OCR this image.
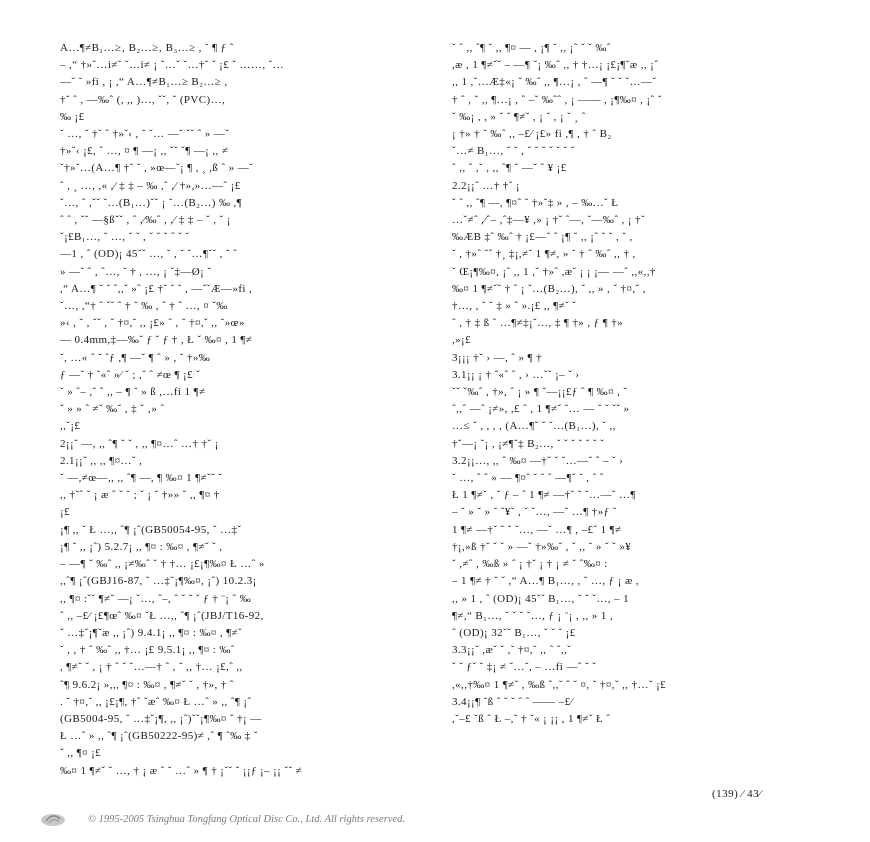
A…¶≠B₁…≥‚ B₂…≥‚ B₃…≥ , ˘ ¶ ƒ ˆ

– ,“ †»ˇ…i≠ˇ ˇ…i≠ ¡ ˇ…ˇ ˇ…†ˇ ˇ ¡£ ˇ ……, ˇ…

—ˇ ˇ »fi , ¡ ,“ A…¶≠B₁…≥ B₂…≥ ,

†ˇ ˆ , —‰ˆ (, ,, )…, ˇˇ, ˇ (PVC)…,

‰ ¡£

ˇ …, ˇ †ˇ ˆ †»ˇ‹ , ˇ ˇ… —ˇ ˇˇ ˆ » —ˇ

†»ˇ‹ ¡£, ˆ …, ¤ ¶ —¡ ,, ˇˇ ˇ¶ —¡ ,, ≠

ˇ†»ˇ…(A…¶ †ˇ ˇ , »œ—ˇ¡ ¶ , ¸ ,ß ˆ » —ˇ

ˆ , ¸ …, ,« ,⁄ ‡ ‡ – ‰ ,ˆ ,⁄ †»,»…—ˆ ¡£

ˇ…, ˆ ,ˇˇ ˇ…(B₁…)ˇˇ ¡ ˇ…(B₂…) ‰ ,¶

ˆ ˆ , ˇˇ —§ßˇˇ , ˆ ,⁄‰ˆ , ,⁄ ‡ ‡ – ˇ , ˇ ¡

ˇ¡£B₁…, ˇ …, ˇ ˇ , ˇ ˇ ˇ ˆ ˇ ˇ

—1 , ˆ (OD)¡ 45ˇˇ …, ˇ , ˇ ˇ…¶ˇˇ , ˇ ˆ

» —ˇ ˆ , ˆ…, ˇ † , …, ¡ ˇ‡—Ø¡ ˇ

,“ A…¶ ˇ ˇ ˆ,,ˇ »ˆ ¡£ †ˇ ˇ ˇ , —ˇˇÆ—»fi ,

ˇ…, ,“† ˆ ˇˇ ˆ † ˇ ‰ , ˆ † ˆ …, ¤ ˇ‰

»‹ , ˇ , ˇˇ , ˇ †¤,ˇ ,, ¡£» ˆ , ˇ †¤,ˇ ,, ˇ»œ»

— 0.4mm,‡—‰ˇ ƒ ˇ ƒ † , Ł ˇ ‰¤ , 1 ¶≠

ˇ, …« ˆ ˇ ˆƒ ,¶ —ˇ ¶ ˆ » , ˇ †»‰

ƒ —ˇ † ˇ«ˆ »⁄ ˇ ; ,ˇ ˆ ≠œ ¶ ¡£ ˇ

ˇ » ˆ– ,ˇ ˆ ,, – ¶ ˇ » ß ,…fi 1 ¶≠

ˇ » » ˆ ≠ˇ ‰ˇ , ‡ ˇ ‚» ˆ

,,ˇ¡£

2¡¡ˇ —, ,, ˆ¶ ˇ ˇ , ,, ¶¤…ˆ …† †ˇ ¡

2.1¡¡ˇ ,, ,, ¶¤…ˇ ,

ˇ —,≠œ—,, ,, ˆ¶ —, ¶ ‰¤ 1 ¶≠ˇˇ ˇ

,, †ˇˆ ˇ ¡ æ ˆ ˇ ˇ ; ˇ ¡ ˇ †»» ˇ ,, ¶¤ †

¡£

¡¶ ,, ˇ Ł …,, ˆ¶ ¡ˆ(GB50054-95, ˇ …‡ˇ

¡¶ ˇ ,, ¡ˆ) 5.2.7¡ ,, ¶¤ : ‰¤ , ¶≠ˇ ˇ ,

– —¶ ˇ ‰ˆ ,, ¡≠‰ˆ ˇ † †… ¡£¡¶‰¤ Ł …ˆ »

,,ˆ¶ ¡ˆ(GBJ16-87, ˇ …‡ˇ¡¶‰¤, ¡ˆ) 10.2.3¡

,, ¶¤ :ˇˇ ¶≠ˇ —¡ ˇ…, ˆ–, ˆ ˇ ˇ ˇ ƒ † ¨¡ ˆ ‰

ˆ ,, –£⁄ ¡£¶œˆ ‰¤ ˇŁ …,, ˆ¶ ¡ˆ(JBJ/T16-92,

ˇ …‡ˇ¡¶ˇæ ,, ¡ˆ) 9.4.1¡ ,, ¶¤ : ‰¤ , ¶≠ˇ

ˇ , , † ˆ ‰ˆ ,, †… ¡£ 9.5.1¡ ,, ¶¤ : ‰ˆ

, ¶≠ˇ ˇ , ¡ † ˆ ˇ ˇ…—† ˆ , ˇ ,, †… ¡£,ˆ ,,

ˆ¶ 9.6.2¡ »,,, ¶¤ : ‰¤ , ¶≠ˇ ˇ , †», † ˆ

. ˇ †¤,ˇ ,, ¡£¡¶, †ˆ ˇæˆ ‰¤ Ł …ˆ » ,, ˆ¶ ¡ˆ

(GB5004-95, ˇ …‡ˇ¡¶, ,, ¡ˆ)ˇˇ¡¶‰¤ ˇ †¡ —

Ł …ˆ » ,, ˆ¶ ¡ˆ(GB50222-95)≠ ,ˆ ¶ ˆ‰ ‡ ˇ

ˇ ,, ¶¤ ¡£

‰¤ 1 ¶≠ˇ ˇ …, † ¡ æ ˆ ˇ …ˆ » ¶ † ¡ˇˇ ˇ ¡¡ƒ ¡– ¡¡ ˇˇ ≠

ˇ ˆ ,, ˆ¶ ˇ ,, ¶¤ — , ¡¶ ˇ ,, ¡ˆ ˇ ˇ ‰ˆ

,æ , 1 ¶≠ˇˇ – —¶ ˇ¡ ‰ˆ ,, † †…¡ ¡£¡¶ˇæ ,, ¡ˆ

,, 1 ,ˇ…Æ‡«¡ ˇ ‰ˆ ,, ¶…¡ , ˆ —¶ ˇ ˇ ˇ…—ˇ

† ˆ , ˇ ,, ¶…¡ , ˆ –ˇ ‰ˆˆ , ¡ —— , ¡¶‰¤ , ¡ˆ ˇ

ˇ ‰¡ , , » ˇ ˇ ¶≠ˇ , ¡ ˇ , ¡ ˇ ¸ ˆ

¡ †» † ˇ ‰ˆ ,, –£⁄ ¡£» fi ,¶ , † ˆ B₂

ˇ…≠ B₁…, ˇ ˇ , ˇ ˇ ˇ ˇ ˇ ˇ ˇ

ˆ ,, ˆ ,ˇ , ,, ˆ¶ ˇ —ˇ ˆ ¥ ¡£

2.2¡¡ˆ …† †ˇ ¡

ˇ ˆ ,, ˆ¶ —, ¶¤ˆ ˇ †»ˇ‡ » , – ‰…ˇ Ł

…ˇ≠ˆ ,⁄ˆ– ,ˆ‡—¥ ,» ¡ †ˇ ˆ—, ˇ—‰ˆ , ¡ †ˇ

‰ÆB ‡ˆ ‰ˆ † ¡£—ˇ ˆ ¡¶ ˇ ,, ¡ˆ ˇ ˇ , ˇ ,

ˇ , †»ˆ ˇˆ †¸ ‡¡,≠ˇ 1 ¶≠, » ˇ † ˆ ‰ˆ ,, † ,

ˇ Œ¡¶‰¤, ¡ˆ ,, 1 ,ˇ †»ˆ ,æˇ ¡ ¡ ¡— —ˆ ,,«,,†

‰¤ 1 ¶≠ˇˇ † ˆ ¡ ˇ…(B₂…), ˇ ,, » , ˇ †¤,ˇ ,

†…, , ˇ ˇ ‡ » ˆ ».¡£ ,, ¶≠ˇ ˇ

ˆ , † ‡ ß ˆ …¶≠‡¡ˇ…, ‡ ¶ †» , ƒ ¶ †»

,»¡£

3¡¡¡ †ˇ › —, ˆ » ¶ †

3.1¡¡ ¡ † ˇ«ˆ ˆ , › …ˇˇ ¡– ˇ ›

ˇˇ ˇ‰ˆ , †», ˆ ¡ » ¶ ˇ—¡¡£ƒ ˆ ¶ ‰¤ , ˇ

ˆ,,ˆ —ˆ ¡≠», ,£ ˆ , 1 ¶≠ˇ ˇ… — ˇ ˇ ˇˇ »

…≤ ˇ , , , , (A…¶ˇ ˇ ˇ…(B₁…), ˇ ,,

†ˇ—¡ ˇ¡ , ¡≠¶ˇ‡ B₂…, ˇ ˇ ˇ ˇ ˇ ˇ ˇ

3.2¡¡…, ,, ˆ ‰¤ —†ˇ ˇ ˇ…—ˇ ˆ – ˇ ›

ˇ …, ˆ ˆ » — ¶¤ˆ ˇ ˇ ˆ —¶ˇ ˇ , ˆ ˆ

Ł 1 ¶≠ˇ , ˇ ƒ – ˆ 1 ¶≠ —†ˇ ˇ ˇ…—ˇ …¶

– ˇ » ˇ » ˇ ˇ¥ˇ , ˇ ˇ…, —ˇ …¶ †»ƒ ˇ

1 ¶≠ —†ˇ ˇ ˇ ˇ…, —ˇ …¶ , –£ˇ 1 ¶≠

†¡,»ß †ˇ ˇ ˇ » —ˇ †»‰ˇ , ˇ ,, ˇ » ˇ ˇ »¥

ˇ ,≠ˆ , ‰ß » ˆ ¡ †ˇ ¡ † ¡ ≠ ˇ ˆ‰¤ :

– 1 ¶≠ † ˇ ˇ ,“ A…¶ B₁…, , ˇ …, ƒ ¡ æ ,

,, » 1 , ˆ (OD)¡ 45ˇˇ B₁…, ˇ ˇ ˇ…, – 1

¶≠,“ B₁…, ˇ ˇ ˇ ˇ…, ƒ ¡ ¨¡ , ,, » 1 ,

ˆ (OD)¡ 32ˇˇ B₁…, ˇ ˇ ˇ ¡£

3.3¡¡ˇ ,æˇ ˇ ,ˇ †¤,ˇ ,, ˆ ˆ,,ˇ

ˇ ˇ ƒˇ ˇ ‡¡ ≠ ˇ…ˇ, – …fi —ˆ ˇ ˇ

,«,,†‰¤ 1 ¶≠ˇ , ‰ß ˆ,,ˇ ˆ ˇ ¤, ˇ †¤,ˇ ,, †…ˇ ¡£

3.4¡¡¶ ˇß ˆ ˇ ˇ ˆ ˆ —— –£⁄

,ˇ–£ ˇß ˆ Ł –,ˇ † ˇ« ¡ ¡¡ , 1 ¶≠ˇ Ł ˆ

(139) ⁄ 43⁄
© 1995-2005 Tsinghua Tongfang Optical Disc Co., Ltd. All rights reserved.
